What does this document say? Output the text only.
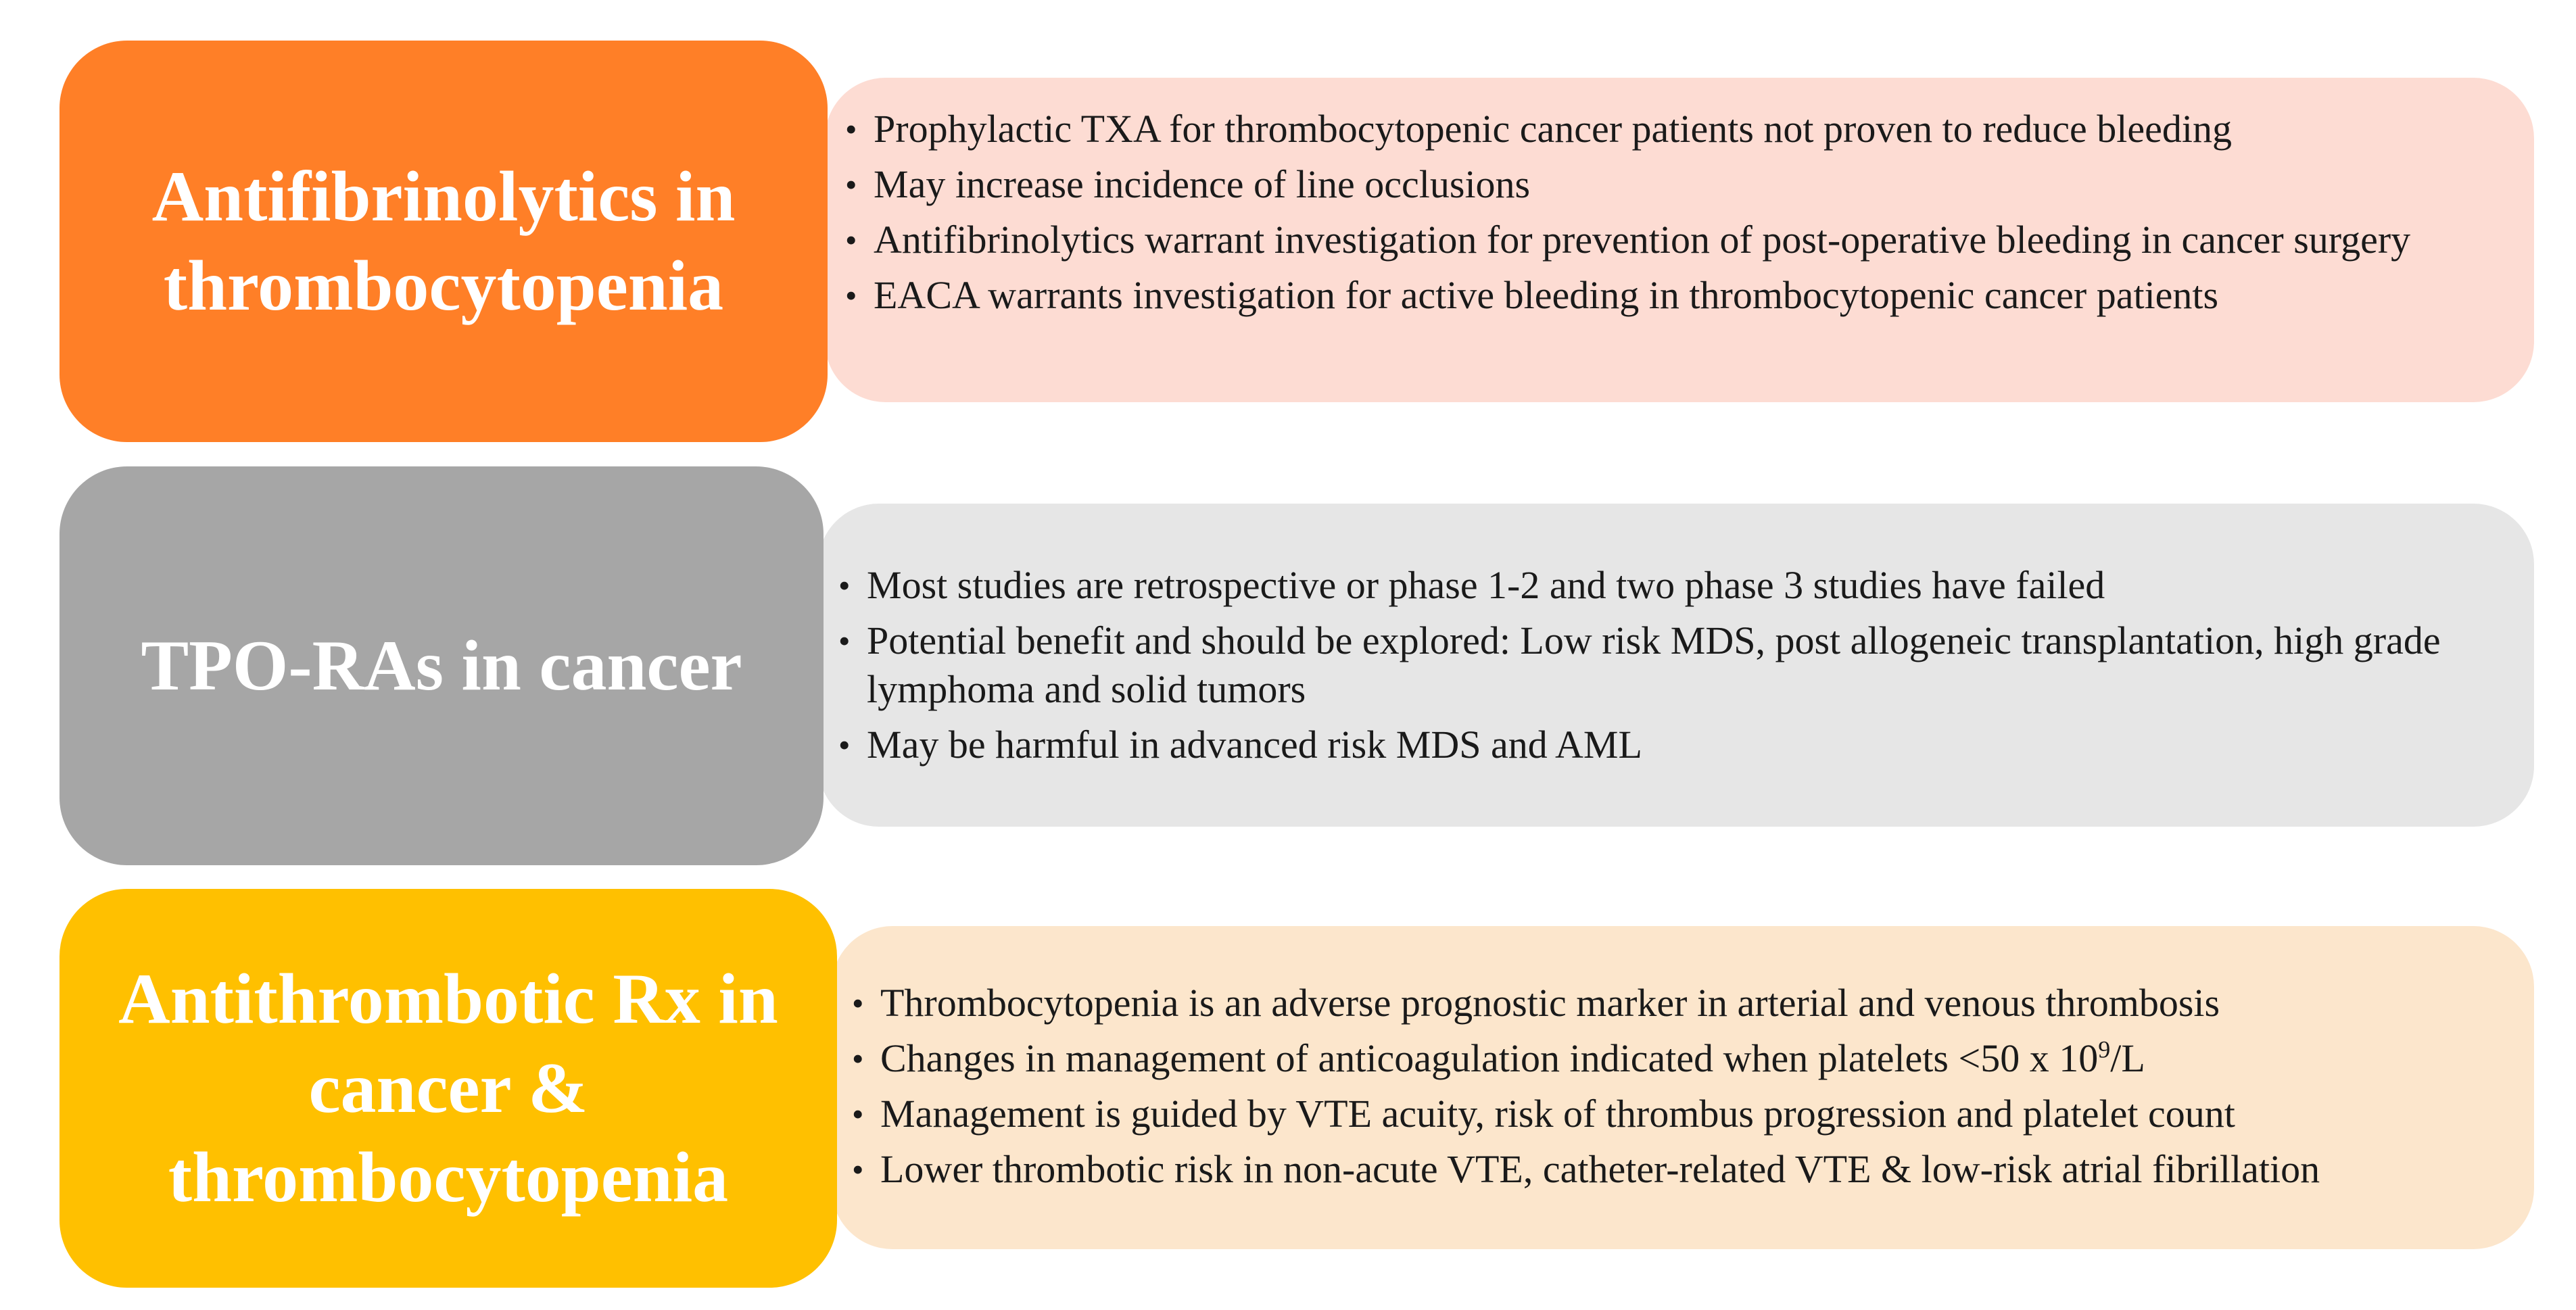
• Prophylactic TXA for thrombocytopenic cancer patients not proven to reduce bleeding
• May increase incidence of line occlusions
• Antifibrinolytics warrant investigation for prevention of post-operative bleeding in cancer surgery
• EACA warrants investigation for active bleeding in thrombocytopenic cancer patients
Antifibrinolytics in thrombocytopenia
• Most studies are retrospective or phase 1-2 and two phase 3 studies have failed
• Potential benefit and should be explored: Low risk MDS, post allogeneic transplantation, high grade lymphoma and solid tumors
• May be harmful in advanced risk MDS and AML
TPO-RAs in cancer
• Thrombocytopenia is an adverse prognostic marker in arterial and venous thrombosis
• Changes in management of anticoagulation indicated when platelets <50 x $10^9/L$
• Management is guided by VTE acuity, risk of thrombus progression and platelet count
• Lower thrombotic risk in non-acute VTE, catheter-related VTE & low-risk atrial fibrillation
Antithrombotic Rx in cancer & thrombocytopenia
